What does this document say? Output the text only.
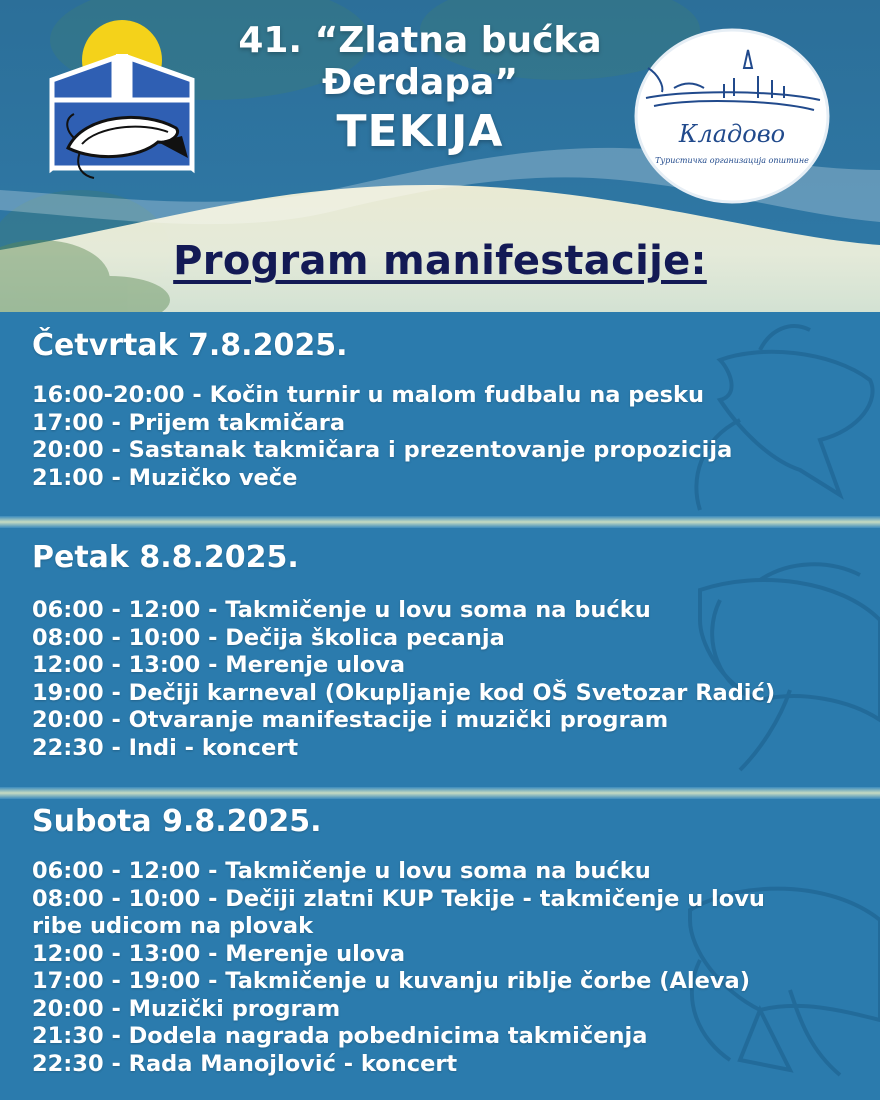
41. “Zlatna bućka
Đerdapa”
TEKIJA	Кладово
Туристичка организација општине
Program manifestacije:
Četvrtak 7.8.2025.
16:00-20:00 - Kočin turnir u malom fudbalu na pesku
17:00 - Prijem takmičara
20:00 - Sastanak takmičara i prezentovanje propozicija
21:00 - Muzičko veče
Petak 8.8.2025.
06:00 - 12:00 - Takmičenje u lovu soma na bućku
08:00 - 10:00 - Dečija školica pecanja
12:00 - 13:00 - Merenje ulova
19:00 - Dečiji karneval (Okupljanje kod OŠ Svetozar Radić)
20:00 - Otvaranje manifestacije i muzički program
22:30 - Indi - koncert
Subota 9.8.2025.
06:00 - 12:00 - Takmičenje u lovu soma na bućku
08:00 - 10:00 - Dečiji zlatni KUP Tekije - takmičenje u lovu ribe udicom na plovak
12:00 - 13:00 - Merenje ulova
17:00 - 19:00 - Takmičenje u kuvanju riblje čorbe (Aleva)
20:00 - Muzički program
21:30 - Dodela nagrada pobednicima takmičenja
22:30 - Rada Manojlović - koncert
